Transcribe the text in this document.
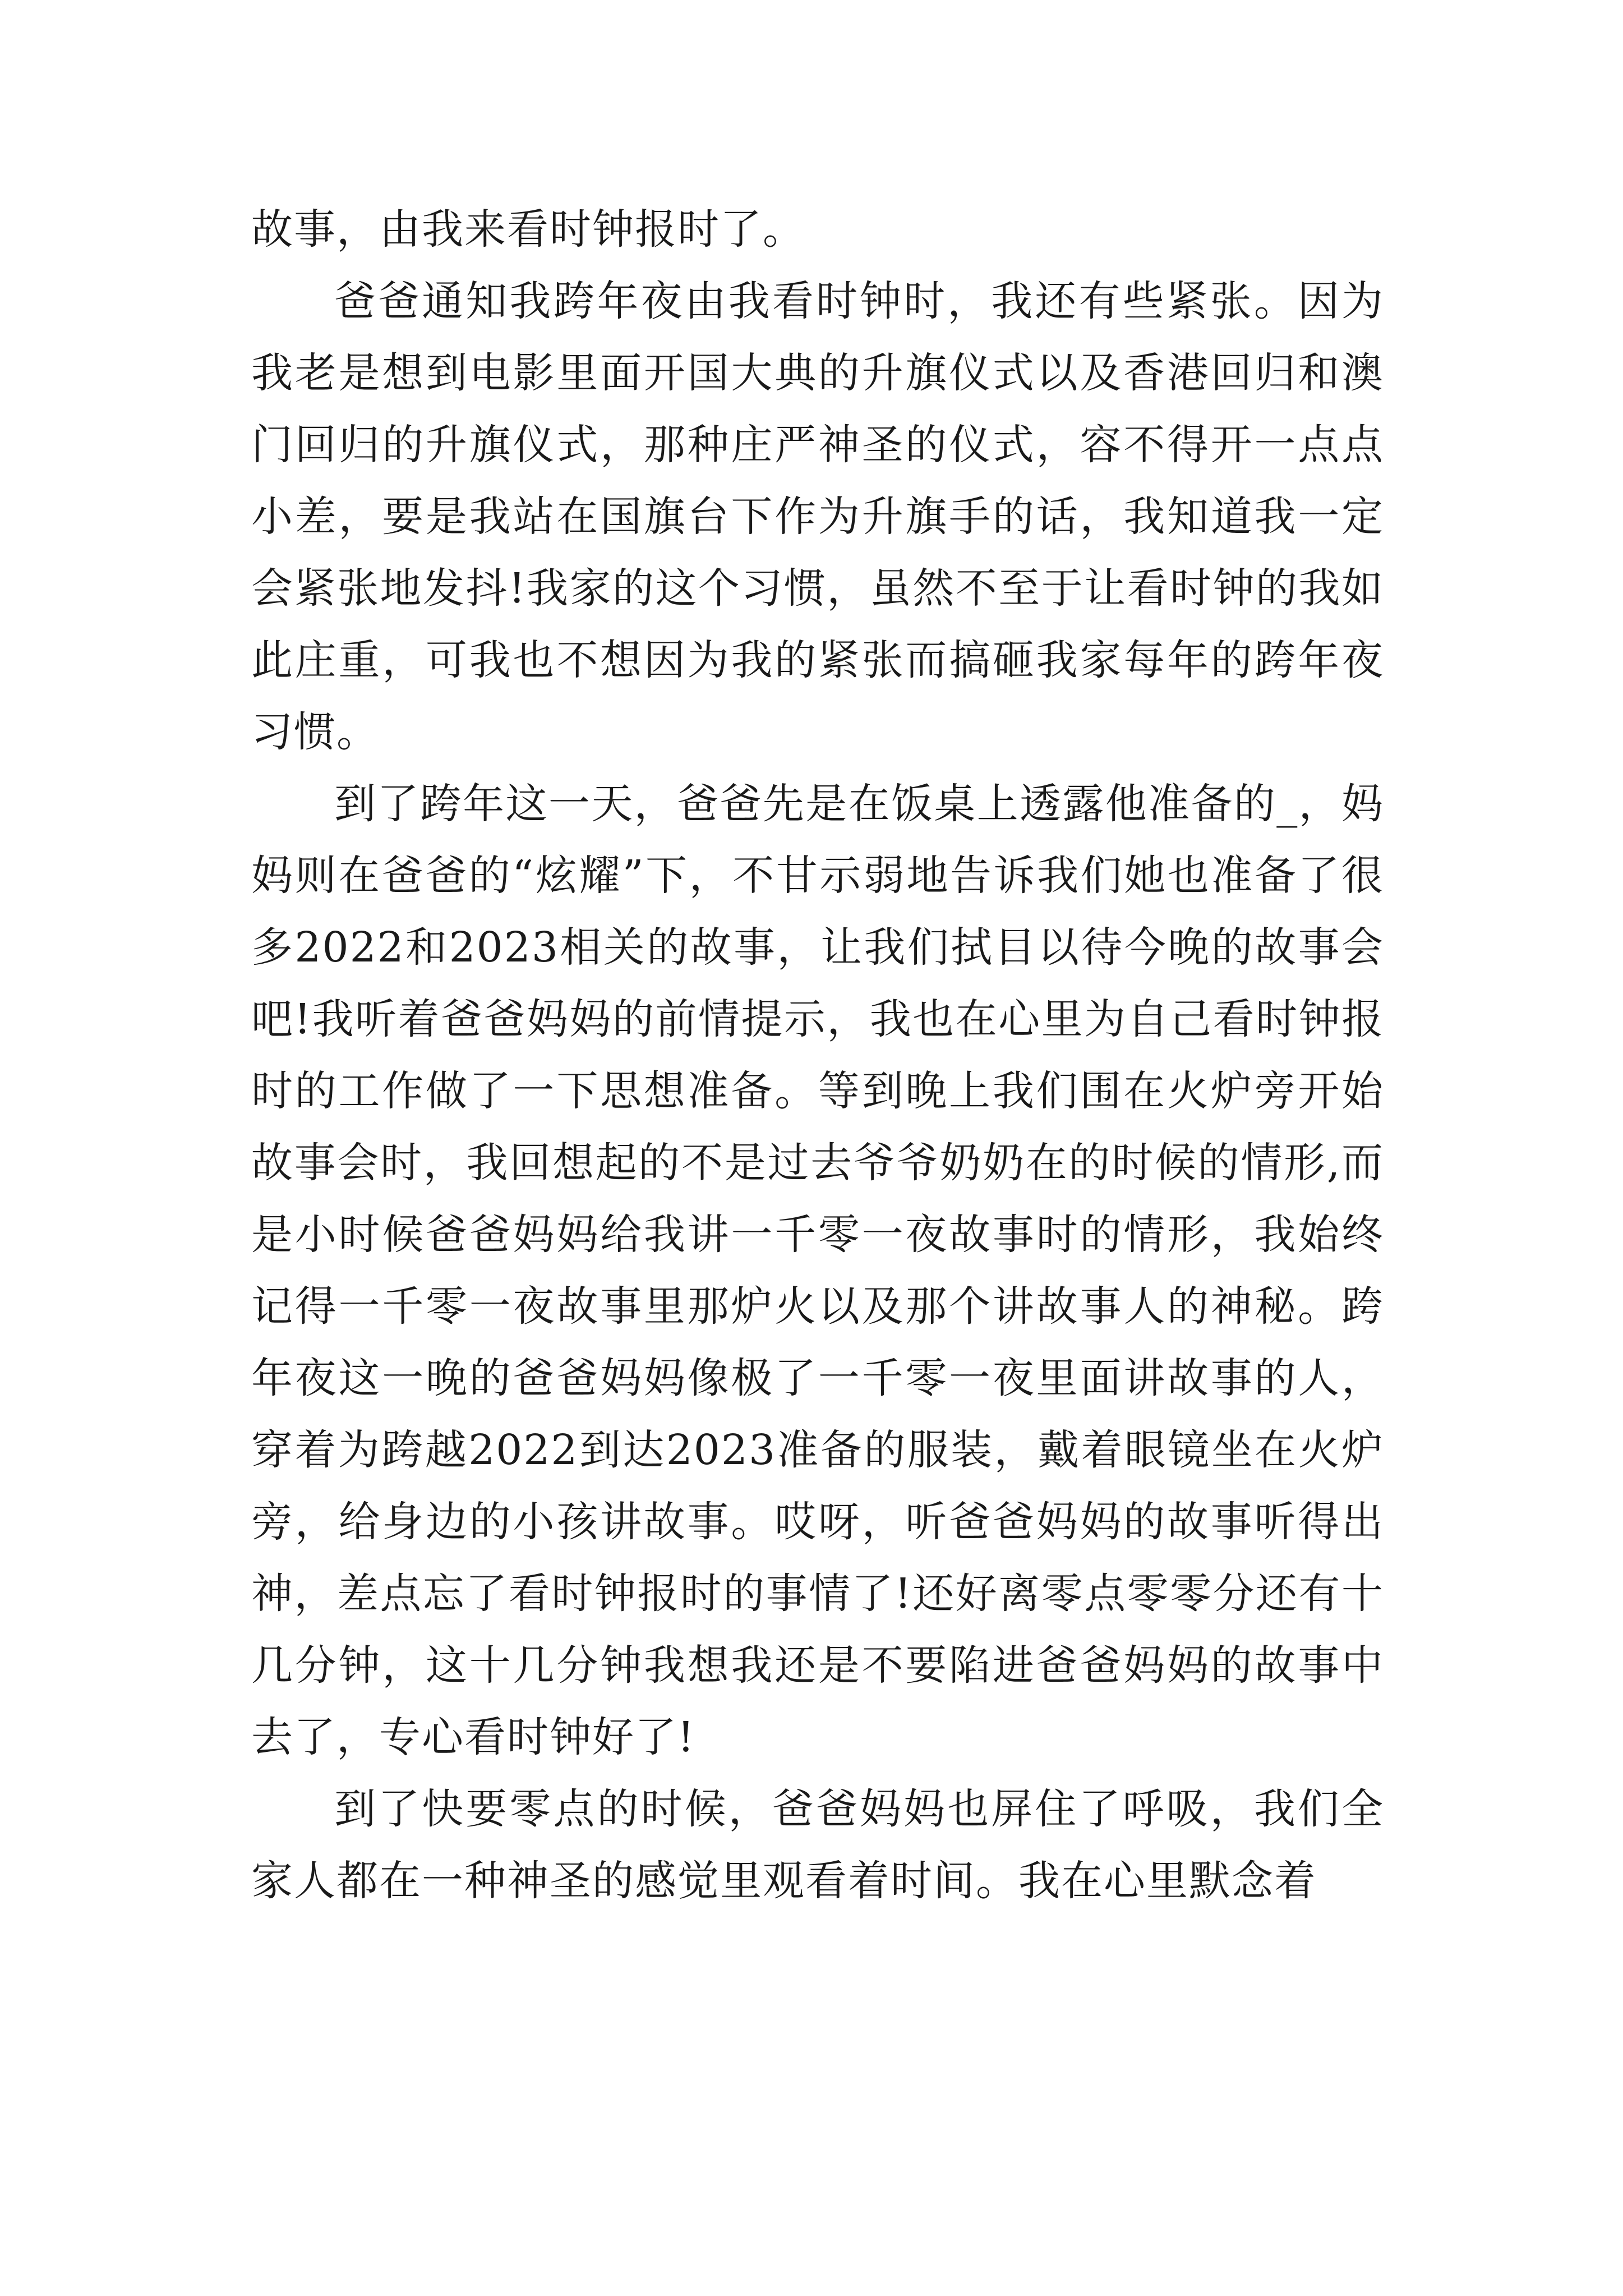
故事，由我来看时钟报时了。

爸爸通知我跨年夜由我看时钟时，我还有些紧张。因为我老是想到电影里面开国大典的升旗仪式以及香港回归和澳门回归的升旗仪式，那种庄严神圣的仪式，容不得开一点点小差，要是我站在国旗台下作为升旗手的话，我知道我一定会紧张地发抖!我家的这个习惯，虽然不至于让看时钟的我如此庄重，可我也不想因为我的紧张而搞砸我家每年的跨年夜习惯。

到了跨年这一天，爸爸先是在饭桌上透露他准备的_，妈妈则在爸爸的“炫耀”下，不甘示弱地告诉我们她也准备了很多2022和2023相关的故事，让我们拭目以待今晚的故事会吧!我听着爸爸妈妈的前情提示，我也在心里为自己看时钟报时的工作做了一下思想准备。等到晚上我们围在火炉旁开始故事会时，我回想起的不是过去爷爷奶奶在的时候的情形,而是小时候爸爸妈妈给我讲一千零一夜故事时的情形，我始终记得一千零一夜故事里那炉火以及那个讲故事人的神秘。跨年夜这一晚的爸爸妈妈像极了一千零一夜里面讲故事的人，穿着为跨越2022到达2023准备的服装，戴着眼镜坐在火炉旁，给身边的小孩讲故事。哎呀，听爸爸妈妈的故事听得出神，差点忘了看时钟报时的事情了!还好离零点零零分还有十几分钟，这十几分钟我想我还是不要陷进爸爸妈妈的故事中去了，专心看时钟好了!

到了快要零点的时候，爸爸妈妈也屏住了呼吸，我们全家人都在一种神圣的感觉里观看着时间。我在心里默念着
